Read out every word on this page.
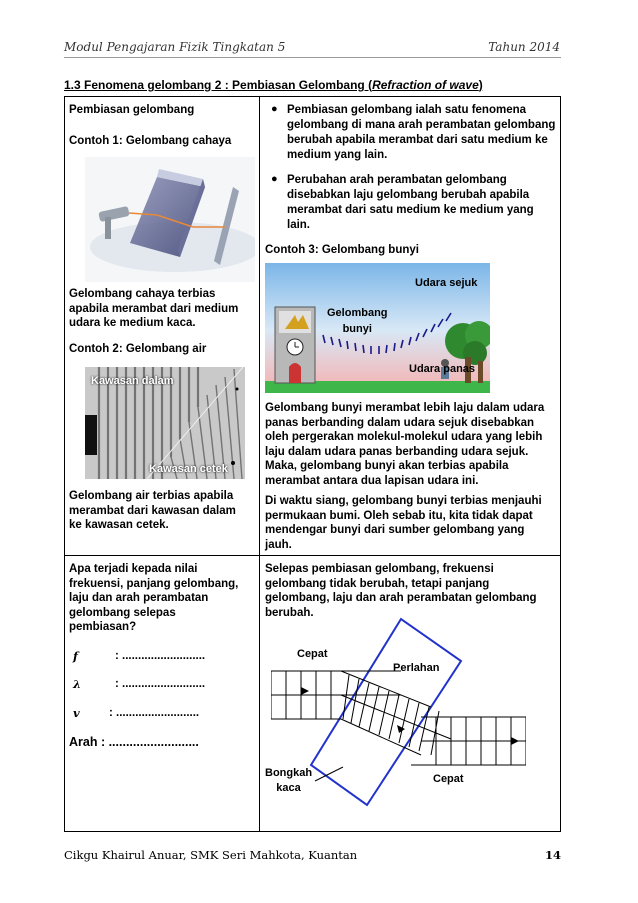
Modul Pengajaran Fizik Tingkatan 5	Tahun 2014
1.3 Fenomena gelombang 2 : Pembiasan Gelombang (Refraction of wave)
Pembiasan gelombang
Contoh 1: Gelombang cahaya
Gelombang cahaya terbias
apabila merambat dari medium
udara ke medium kaca.
Contoh 2: Gelombang air
Kawasan dalam
Kawasan cetek
Gelombang air terbias apabila
merambat dari kawasan dalam
ke kawasan cetek.
● Pembiasan gelombang ialah satu fenomena
gelombang di mana arah perambatan gelombang
berubah apabila merambat dari satu medium ke
medium yang lain.
● Perubahan arah perambatan gelombang
disebabkan laju gelombang berubah apabila
merambat dari satu medium ke medium yang
lain.
Contoh 3: Gelombang bunyi
Udara sejuk
Gelombang
bunyi
Udara panas
Gelombang bunyi merambat lebih laju dalam udara
panas berbanding dalam udara sejuk disebabkan
oleh pergerakan molekul-molekul udara yang lebih
laju dalam udara panas berbanding udara sejuk.
Maka, gelombang bunyi akan terbias apabila
merambat antara dua lapisan udara ini.
Di waktu siang, gelombang bunyi terbias menjauhi
permukaan bumi. Oleh sebab itu, kita tidak dapat
mendengar bunyi dari sumber gelombang yang
jauh.
Apa terjadi kepada nilai
frekuensi, panjang gelombang,
laju dan arah perambatan
gelombang selepas
pembiasan?
f	: ..........................
λ	: ..........................
v	: ..........................
Arah : ..........................
Selepas pembiasan gelombang, frekuensi
gelombang tidak berubah, tetapi panjang
gelombang, laju dan arah perambatan gelombang
berubah.
Cepat
Perlahan
Bongkah
kaca
Cepat
Cikgu Khairul Anuar, SMK Seri Mahkota, Kuantan	14
